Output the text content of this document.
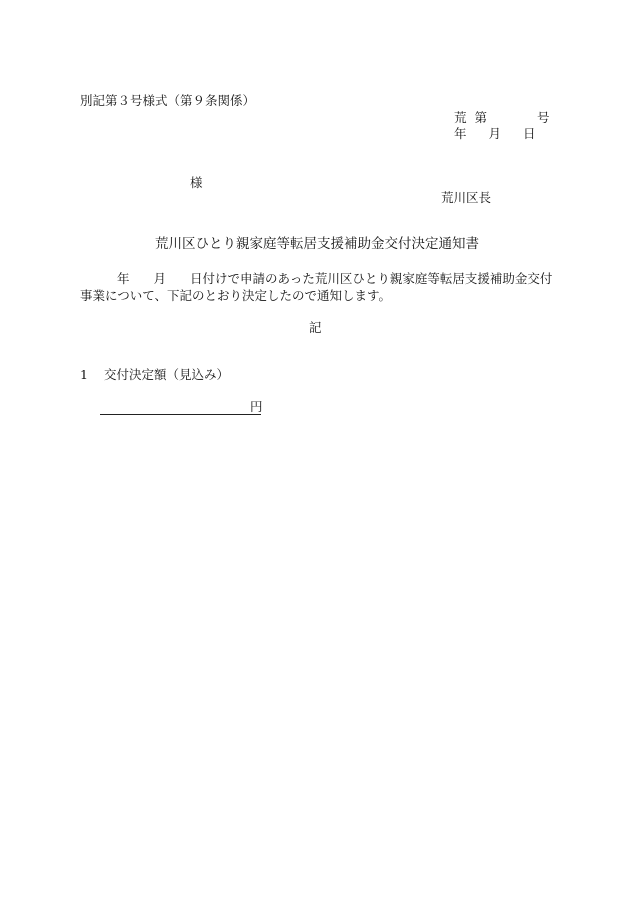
別記第３号様式（第９条関係）
荒 第	号
年 月 日
様
荒川区長
荒川区ひとり親家庭等転居支援補助金交付決定通知書
年 月 日付けで申請のあった荒川区ひとり親家庭等転居支援補助金交付
事業について、下記のとおり決定したので通知します。
記
1 交付決定額（見込み）
円
